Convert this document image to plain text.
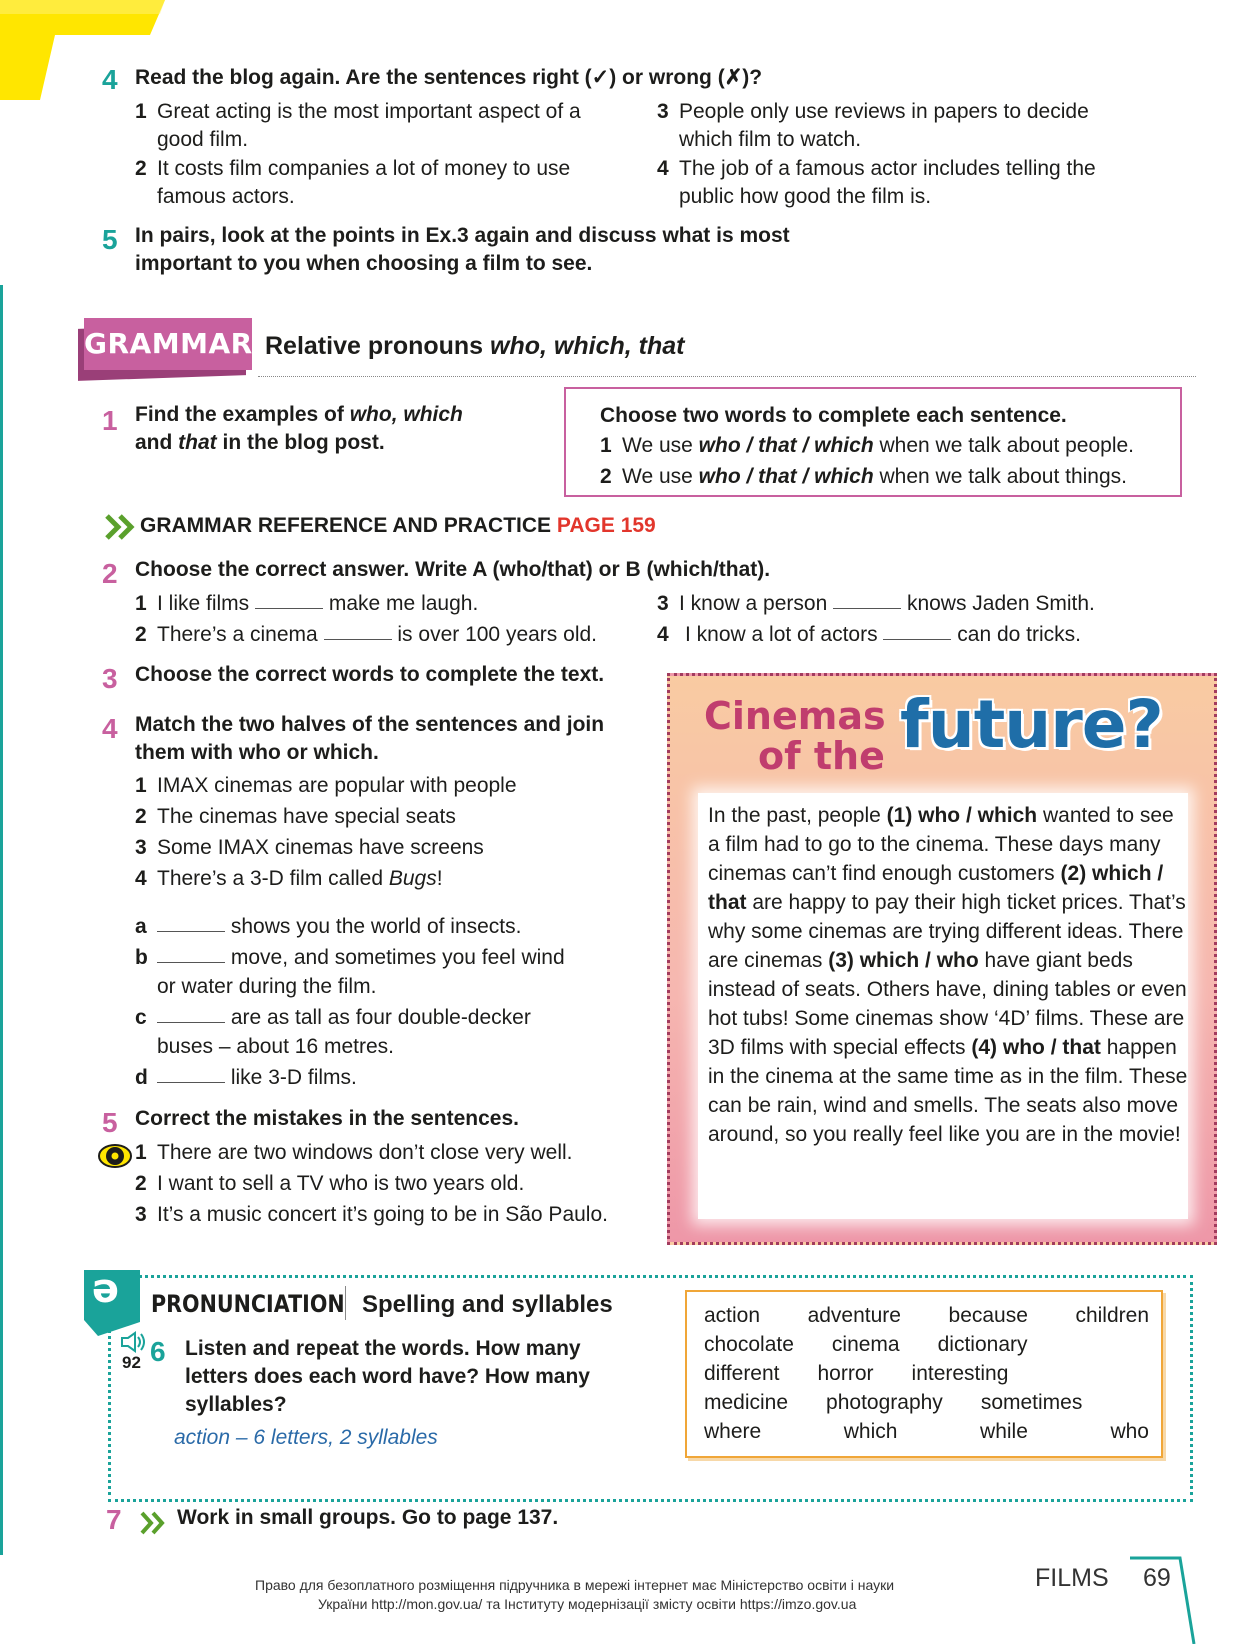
4 Read the blog again. Are the sentences right (✓) or wrong (✗)?
1 Great acting is the most important aspect of a good film.
2 It costs film companies a lot of money to use famous actors.
3 People only use reviews in papers to decide which film to watch.
4 The job of a famous actor includes telling the public how good the film is.
5 In pairs, look at the points in Ex.3 again and discuss what is most important to you when choosing a film to see.
GRAMMAR Relative pronouns who, which, that
1 Find the examples of who, which
and that in the blog post.
Choose two words to complete each sentence.
1 We use who / that / which when we talk about people.
2 We use who / that / which when we talk about things.
GRAMMAR REFERENCE AND PRACTICE PAGE 159
2 Choose the correct answer. Write A (who/that) or B (which/that).
1 I like films

	make me laugh.
2 There’s a cinema

	is over 100 years old.
3 I know a person

	knows Jaden Smith.
4 I know a lot of actors

	can do tricks.
3 Choose the correct words to complete the text.
4 Match the two halves of the sentences and join them with who or which.
1 IMAX cinemas are popular with people
2 The cinemas have special seats
3 Some IMAX cinemas have screens
4 There’s a 3-D film called Bugs!
a
	shows you the world of insects.
b
	move, and sometimes you feel wind
or water during the film.
c
	are as tall as four double-decker
buses – about 16 metres.
d
	like 3-D films.
5 Correct the mistakes in the sentences.
1 There are two windows don’t close very well.
2 I want to sell a TV who is two years old.
3 It’s a music concert it’s going to be in São Paulo.
Cinemas
of the future?
In the past, people (1) who / which wanted to see a film had to go to the cinema. These days many cinemas can’t find enough customers (2) which / that are happy to pay their high ticket prices. That’s why some cinemas are trying different ideas. There are cinemas (3) which / who have giant beds instead of seats. Others have, dining tables or even hot tubs! Some cinemas show ‘4D’ films. These are 3D films with special effects (4) who / that happen in the cinema at the same time as in the film. These can be rain, wind and smells. The seats also move around, so you really feel like you are in the movie!
ə PRONUNCIATION Spelling and syllables
92 6 Listen and repeat the words. How many letters does each word have? How many syllables?
action – 6 letters, 2 syllables
action adventure because children
chocolate cinema dictionary
different horror interesting
medicine photography sometimes
where	which	while	who
7	Work in small groups. Go to page 137.
Право для безоплатного розміщення підручника в мережі інтернет має Міністерство освіти і науки
України http://mon.gov.ua/ та Інституту модернізації змісту освіти https://imzo.gov.ua
FILMS 69
